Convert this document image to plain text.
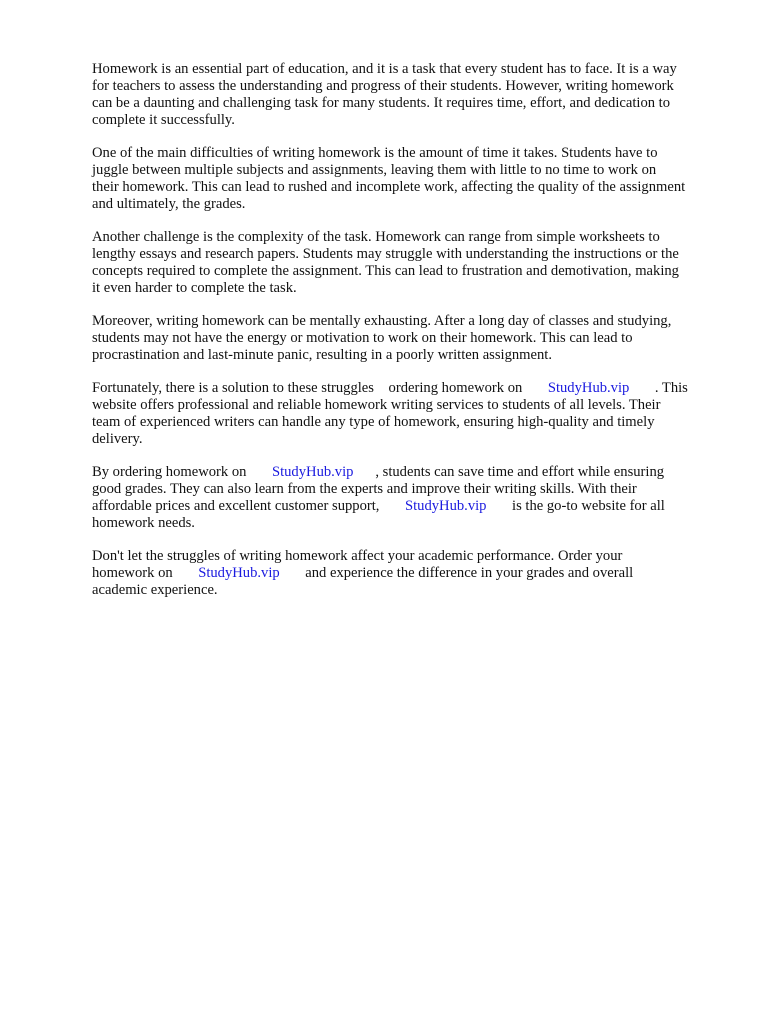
Homework is an essential part of education, and it is a task that every student has to face. It is a way
for teachers to assess the understanding and progress of their students. However, writing homework
can be a daunting and challenging task for many students. It requires time, effort, and dedication to
complete it successfully.
One of the main difficulties of writing homework is the amount of time it takes. Students have to
juggle between multiple subjects and assignments, leaving them with little to no time to work on
their homework. This can lead to rushed and incomplete work, affecting the quality of the assignment
and ultimately, the grades.
Another challenge is the complexity of the task. Homework can range from simple worksheets to
lengthy essays and research papers. Students may struggle with understanding the instructions or the
concepts required to complete the assignment. This can lead to frustration and demotivation, making
it even harder to complete the task.
Moreover, writing homework can be mentally exhausting. After a long day of classes and studying,
students may not have the energy or motivation to work on their homework. This can lead to
procrastination and last-minute panic, resulting in a poorly written assignment.
Fortunately, there is a solution to these struggles    ordering homework on       StudyHub.vip       . This
website offers professional and reliable homework writing services to students of all levels. Their
team of experienced writers can handle any type of homework, ensuring high-quality and timely
delivery.
By ordering homework on       StudyHub.vip      , students can save time and effort while ensuring
good grades. They can also learn from the experts and improve their writing skills. With their
affordable prices and excellent customer support,       StudyHub.vip       is the go-to website for all
homework needs.
Don't let the struggles of writing homework affect your academic performance. Order your
homework on       StudyHub.vip       and experience the difference in your grades and overall
academic experience.
